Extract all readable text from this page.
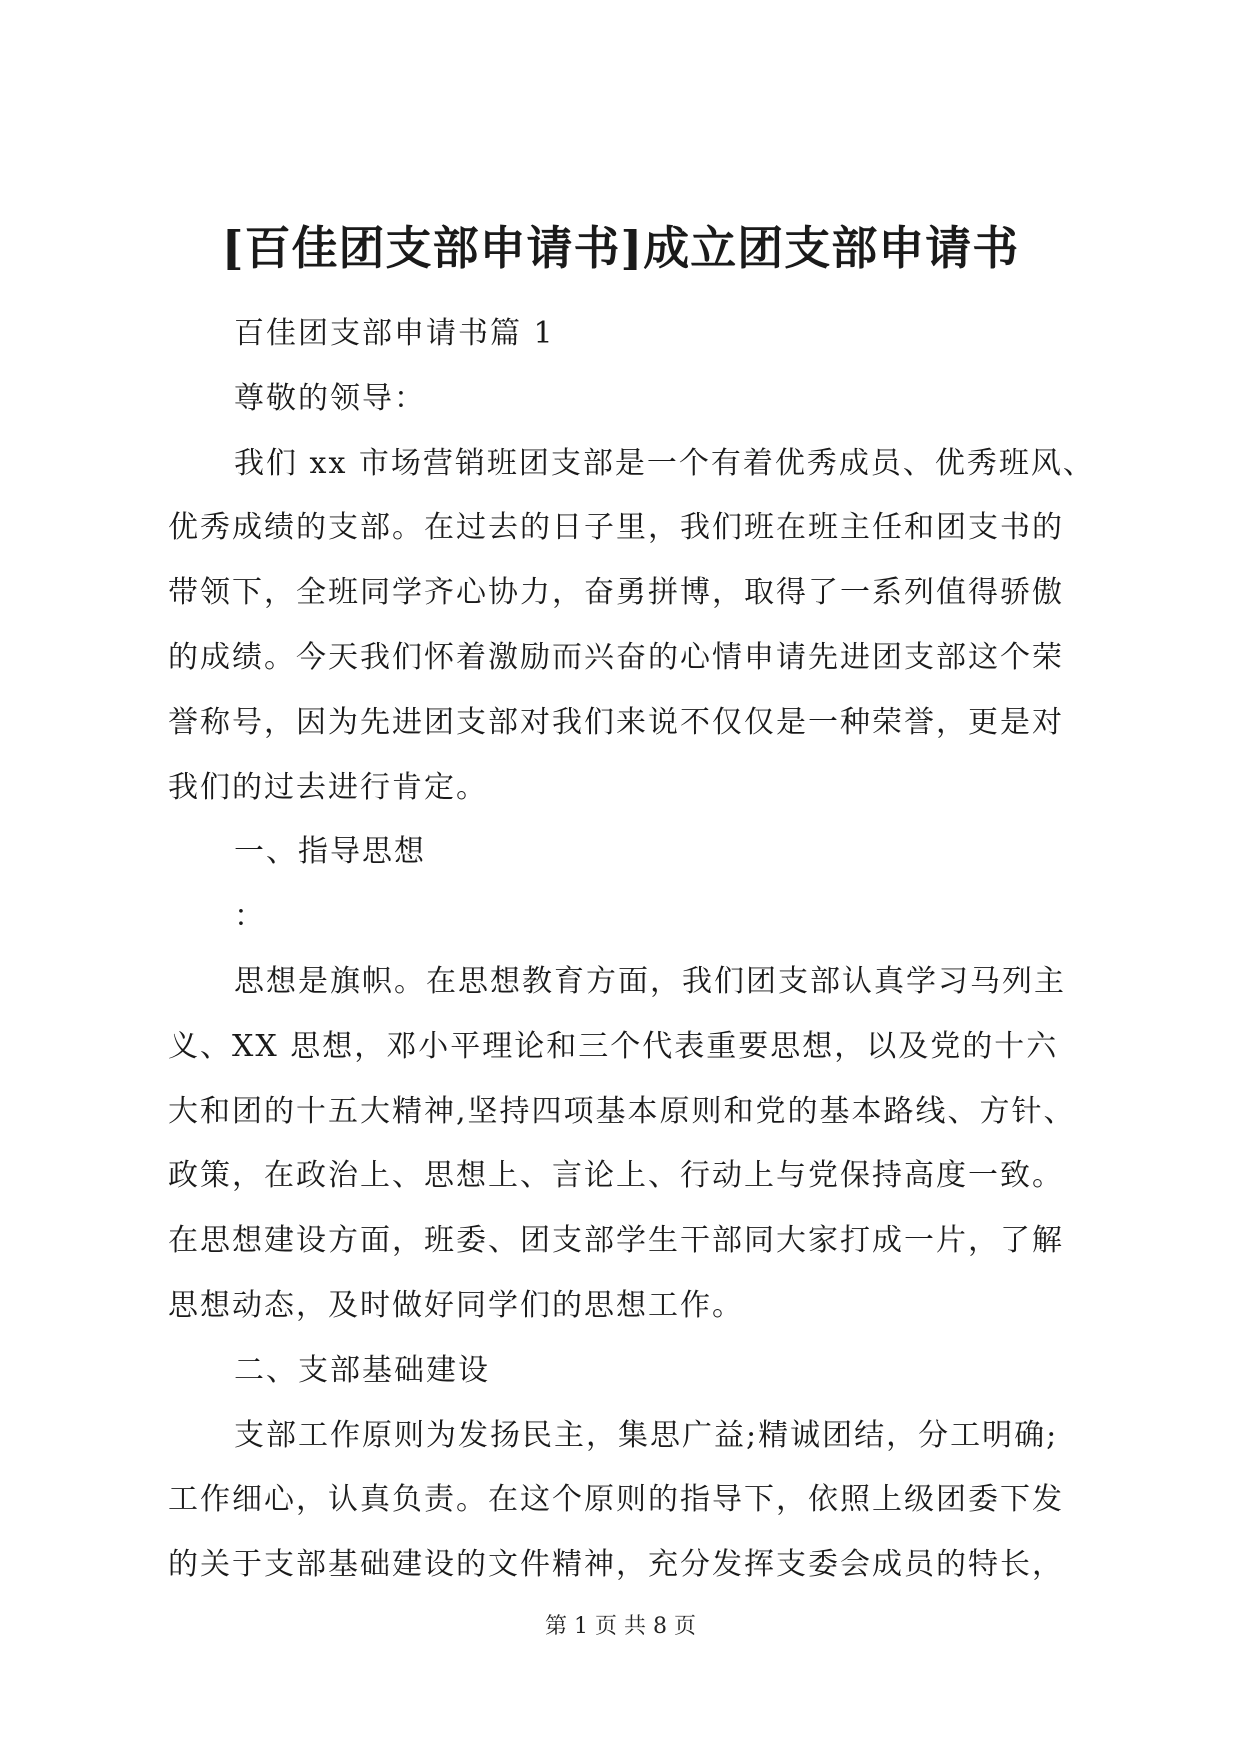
[百佳团支部申请书]成立团支部申请书
百佳团支部申请书篇 1
尊敬的领导：
我们 xx 市场营销班团支部是一个有着优秀成员、优秀班风、
优秀成绩的支部。在过去的日子里，我们班在班主任和团支书的
带领下，全班同学齐心协力，奋勇拼博，取得了一系列值得骄傲
的成绩。今天我们怀着激励而兴奋的心情申请先进团支部这个荣
誉称号，因为先进团支部对我们来说不仅仅是一种荣誉，更是对
我们的过去进行肯定。
一、指导思想
：
思想是旗帜。在思想教育方面，我们团支部认真学习马列主
义、XX 思想，邓小平理论和三个代表重要思想，以及党的十六
大和团的十五大精神,坚持四项基本原则和党的基本路线、方针、
政策，在政治上、思想上、言论上、行动上与党保持高度一致。
在思想建设方面，班委、团支部学生干部同大家打成一片，了解
思想动态，及时做好同学们的思想工作。
二、支部基础建设
支部工作原则为发扬民主，集思广益;精诚团结，分工明确;
工作细心，认真负责。在这个原则的指导下，依照上级团委下发
的关于支部基础建设的文件精神，充分发挥支委会成员的特长，
第 1 页 共 8 页
